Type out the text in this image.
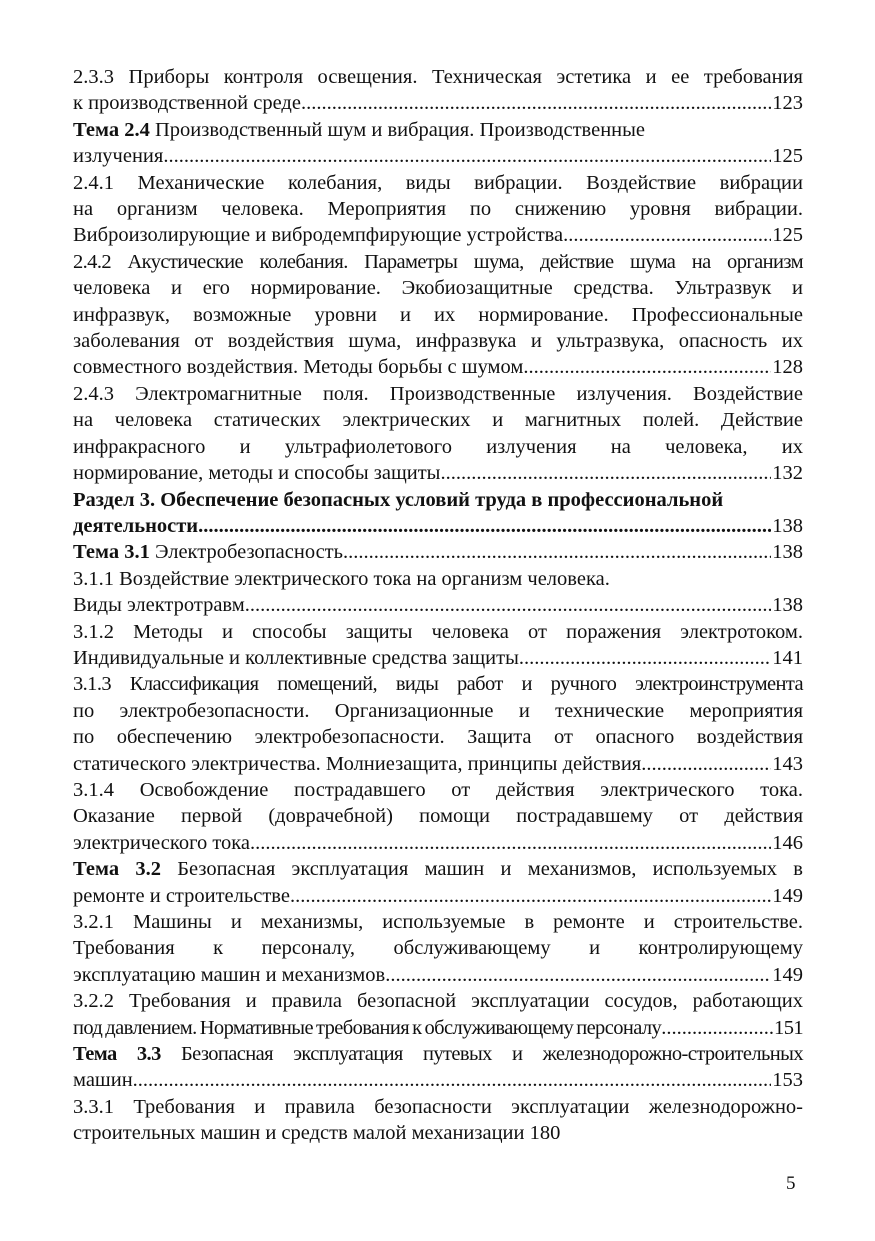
2.3.3 Приборы контроля освещения. Техническая эстетика и ее требования
к производственной среде .....	123
Тема 2.4 Производственный шум и вибрация. Производственные
излучения .....	125
2.4.1 Механические колебания, виды вибрации. Воздействие вибрации
на организм человека. Мероприятия по снижению уровня вибрации.
Виброизолирующие и вибродемпфирующие устройства .....	125
2.4.2 Акустические колебания. Параметры шума, действие шума на организм
человека и его нормирование. Экобиозащитные средства. Ультразвук и
инфразвук, возможные уровни и их нормирование. Профессиональные
заболевания от воздействия шума, инфразвука и ультразвука, опасность их
совместного воздействия. Методы борьбы с шумом .....	128
2.4.3 Электромагнитные поля. Производственные излучения. Воздействие
на человека статических электрических и магнитных полей. Действие
инфракрасного и ультрафиолетового излучения на человека, их
нормирование, методы и способы защиты .....	132
Раздел 3. Обеспечение безопасных условий труда в профессиональной
деятельности .....	138
Тема 3.1 Электробезопасность .....	138
3.1.1 Воздействие электрического тока на организм человека.
Виды электротравм .....	138
3.1.2 Методы и способы защиты человека от поражения электротоком.
Индивидуальные и коллективные средства защиты .....	141
3.1.3 Классификация помещений, виды работ и ручного электроинструмента
по электробезопасности. Организационные и технические мероприятия
по обеспечению электробезопасности. Защита от опасного воздействия
статического электричества. Молниезащита, принципы действия .....	143
3.1.4 Освобождение пострадавшего от действия электрического тока.
Оказание первой (доврачебной) помощи пострадавшему от действия
электрического тока .....	146
Тема 3.2 Безопасная эксплуатация машин и механизмов, используемых в
ремонте и строительстве .....	149
3.2.1 Машины и механизмы, используемые в ремонте и строительстве.
Требования к персоналу, обслуживающему и контролирующему
эксплуатацию машин и механизмов .....	149
3.2.2 Требования и правила безопасной эксплуатации сосудов, работающих
под давлением. Нормативные требования к обслуживающему персоналу .....	151
Тема 3.3 Безопасная эксплуатация путевых и железнодорожно-строительных
машин .....	153
3.3.1 Требования и правила безопасности эксплуатации железнодорожно-
строительных машин и средств малой механизации 180
5
